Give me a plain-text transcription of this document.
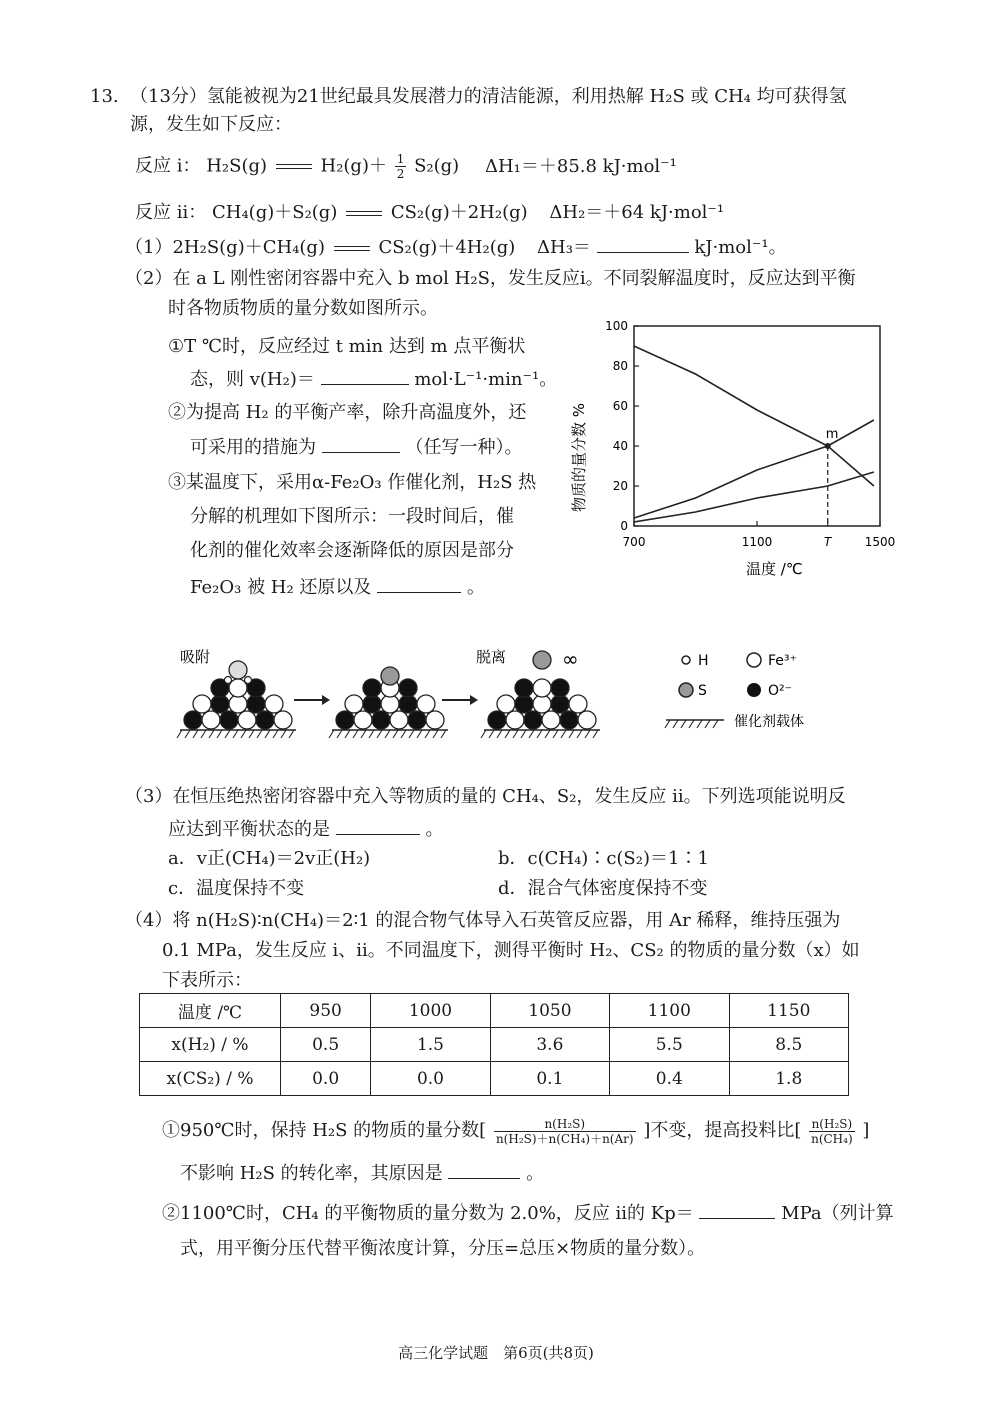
13. （13分）氢能被视为21世纪最具发展潜力的清洁能源，利用热解 H₂S 或 CH₄ 均可获得氢
源，发生如下反应：
反应 i： H₂S(g)	$H_2(g)+ \frac{1}{2} S_2(g)$ ΔH₁＝＋85.8 kJ·mol⁻¹
反应 ii： CH₄(g)＋S₂(g)	CS₂(g)＋2H₂(g) ΔH₂＝＋64 kJ·mol⁻¹
（1）2H₂S(g)＋CH₄(g)	CS₂(g)＋4H₂(g) ΔH₃＝	kJ·mol⁻¹。
（2）在 a L 刚性密闭容器中充入 b mol H₂S，发生反应i。不同裂解温度时，反应达到平衡
时各物质物质的量分数如图所示。
①T ℃时，反应经过 t min 达到 m 点平衡状
态，则 v(H₂)＝	mol·L⁻¹·min⁻¹。
②为提高 H₂ 的平衡产率，除升高温度外，还
可采用的措施为	（任写一种）。
③某温度下，采用α-Fe₂O₃ 作催化剂，H₂S 热
分解的机理如下图所示：一段时间后，催
化剂的催化效率会逐渐降低的原因是部分
Fe₂O₃ 被 H₂ 还原以及	。
0
20
40
60
80
100
700	1100	T	1500
m
物质的量分数 %
温度 /℃
吸附	脱离	∞	H	Fe³⁺
S	O²⁻
催化剂载体
（3）在恒压绝热密闭容器中充入等物质的量的 CH₄、S₂，发生反应 ii。下列选项能说明反
应达到平衡状态的是	。
a．v正(CH₄)＝2v正(H₂)	b．c(CH₄)∶c(S₂)＝1∶1
c．温度保持不变	d．混合气体密度保持不变
（4）将 n(H₂S)∶n(CH₄)＝2∶1 的混合物气体导入石英管反应器，用 Ar 稀释，维持压强为
0.1 MPa，发生反应 i、ii。不同温度下，测得平衡时 H₂、CS₂ 的物质的量分数（x）如
下表所示：
温度 /℃	950	1000	1050	1100	1150
x(H₂) / %	0.5	1.5	3.6	5.5	8.5
x(CS₂) / %	0.0	0.0	0.1	0.4	1.8
①950℃时，保持 H₂S 的物质的量分数[ $\frac{\text{n(H₂S)}}{\text{n(H₂S)＋n(CH₄)＋n(Ar)}}$ ]不变，提高投料比[ $\frac{\text{n(H₂S)}}{\text{n(CH₄)}}$ ]
不影响 H₂S 的转化率，其原因是	。
②1100℃时，CH₄ 的平衡物质的量分数为 2.0%，反应 ii的 Kp＝	MPa（列计算
式，用平衡分压代替平衡浓度计算，分压=总压×物质的量分数）。
高三化学试题　第6页(共8页)
